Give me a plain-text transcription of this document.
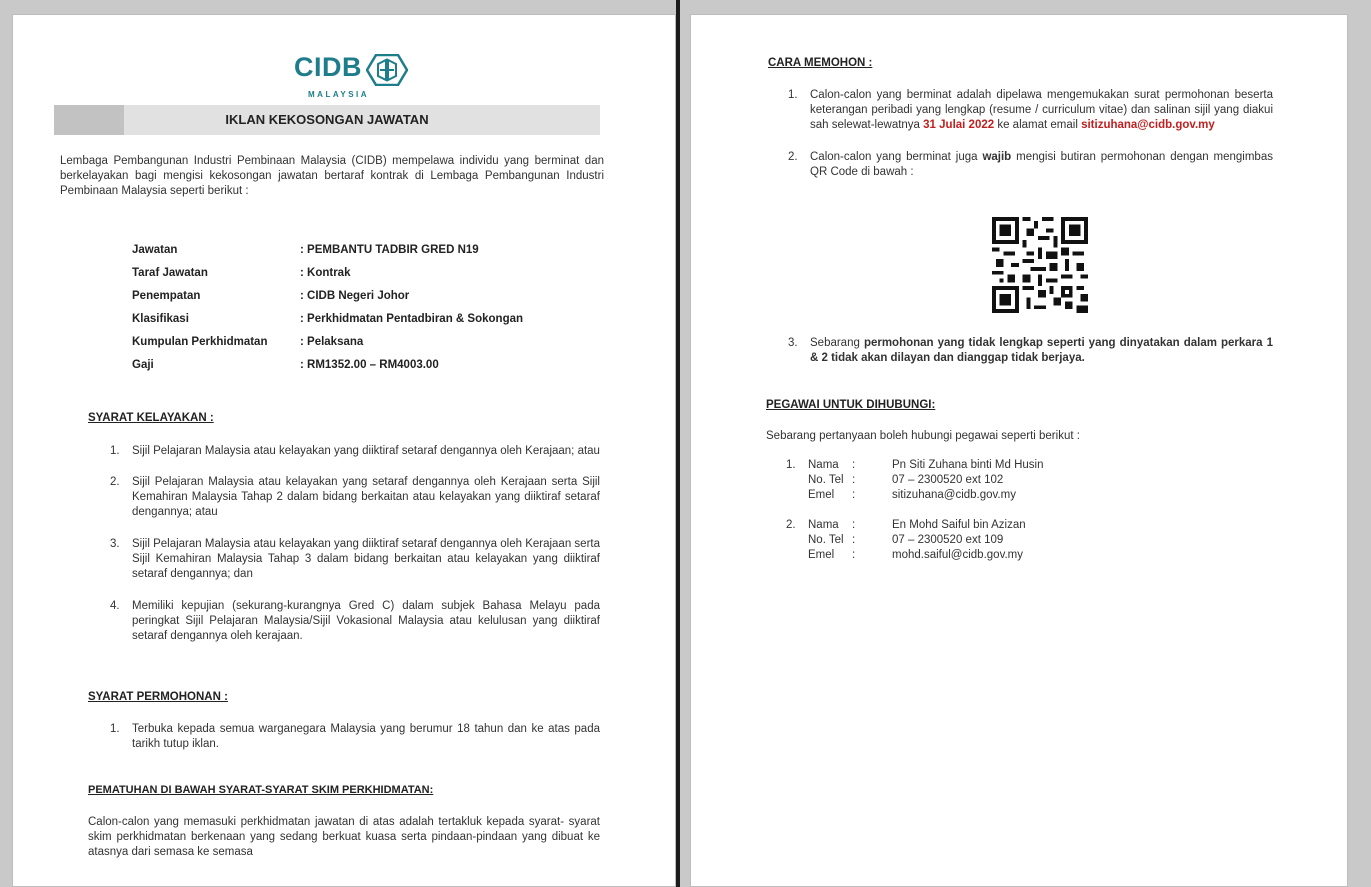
CIDB
MALAYSIA
IKLAN KEKOSONGAN JAWATAN
Lembaga Pembangunan Industri Pembinaan Malaysia (CIDB) mempelawa individu yang berminat dan berkelayakan bagi mengisi kekosongan jawatan bertaraf kontrak di Lembaga Pembangunan Industri Pembinaan Malaysia seperti berikut :
Jawatan	: PEMBANTU TADBIR GRED N19
Taraf Jawatan	: Kontrak
Penempatan	: CIDB Negeri Johor
Klasifikasi	: Perkhidmatan Pentadbiran & Sokongan
Kumpulan Perkhidmatan	: Pelaksana
Gaji	: RM1352.00 – RM4003.00
SYARAT KELAYAKAN :
1. Sijil Pelajaran Malaysia atau kelayakan yang diiktiraf setaraf dengannya oleh Kerajaan; atau
2. Sijil Pelajaran Malaysia atau kelayakan yang setaraf dengannya oleh Kerajaan serta Sijil Kemahiran Malaysia Tahap 2 dalam bidang berkaitan atau kelayakan yang diiktiraf setaraf dengannya; atau
3. Sijil Pelajaran Malaysia atau kelayakan yang diiktiraf setaraf dengannya oleh Kerajaan serta Sijil Kemahiran Malaysia Tahap 3 dalam bidang berkaitan atau kelayakan yang diiktiraf setaraf dengannya; dan
4. Memiliki kepujian (sekurang-kurangnya Gred C) dalam subjek Bahasa Melayu pada peringkat Sijil Pelajaran Malaysia/Sijil Vokasional Malaysia atau kelulusan yang diiktiraf setaraf dengannya oleh kerajaan.
SYARAT PERMOHONAN :
1. Terbuka kepada semua warganegara Malaysia yang berumur 18 tahun dan ke atas pada tarikh tutup iklan.
PEMATUHAN DI BAWAH SYARAT-SYARAT SKIM PERKHIDMATAN:
Calon-calon yang memasuki perkhidmatan jawatan di atas adalah tertakluk kepada syarat- syarat skim perkhidmatan berkenaan yang sedang berkuat kuasa serta pindaan-pindaan yang dibuat ke atasnya dari semasa ke semasa
CARA MEMOHON :
1. Calon-calon yang berminat adalah dipelawa mengemukakan surat permohonan beserta keterangan peribadi yang lengkap (resume / curriculum vitae) dan salinan sijil yang diakui sah selewat-lewatnya 31 Julai 2022 ke alamat email sitizuhana@cidb.gov.my
2. Calon-calon yang berminat juga wajib mengisi butiran permohonan dengan mengimbas QR Code di bawah :
3. Sebarang permohonan yang tidak lengkap seperti yang dinyatakan dalam perkara 1 & 2 tidak akan dilayan dan dianggap tidak berjaya.
PEGAWAI UNTUK DIHUBUNGI:
Sebarang pertanyaan boleh hubungi pegawai seperti berikut :
1.	Nama	:	Pn Siti Zuhana binti Md Husin
No. Tel :	07 – 2300520 ext 102
Emel	:	sitizuhana@cidb.gov.my
2.	Nama	:	En Mohd Saiful bin Azizan
No. Tel :	07 – 2300520 ext 109
Emel	:	mohd.saiful@cidb.gov.my
